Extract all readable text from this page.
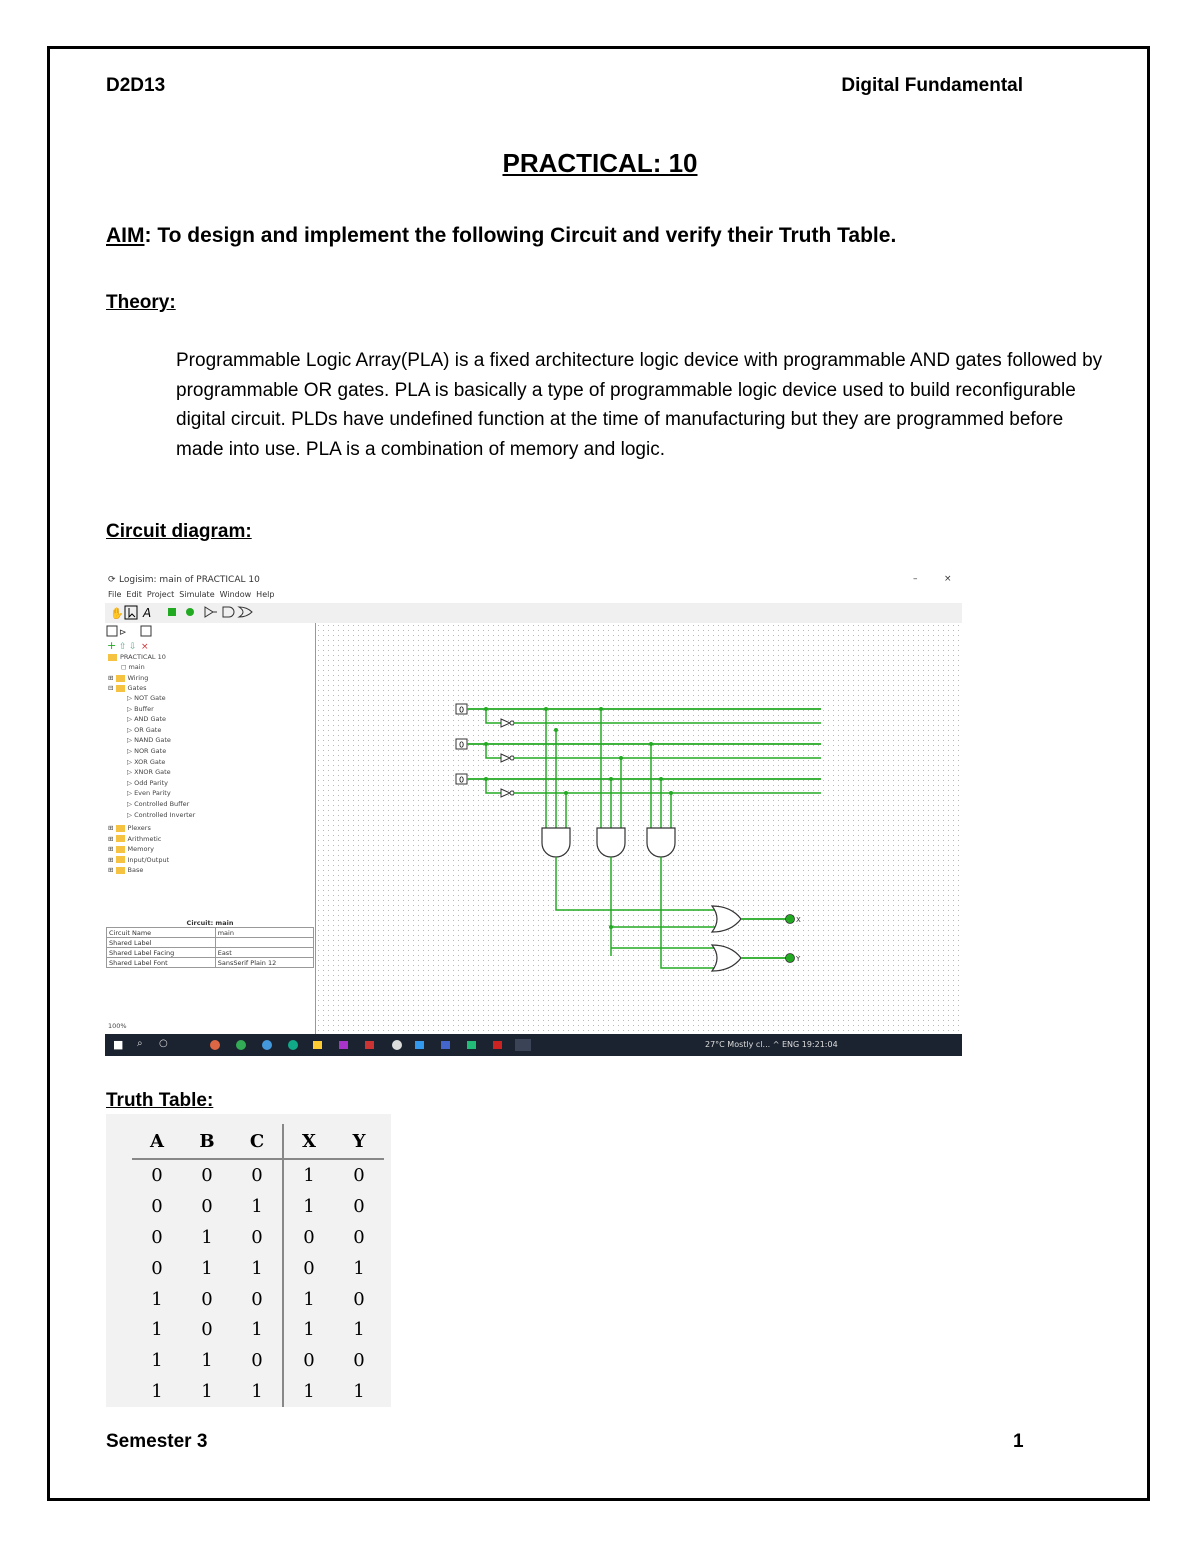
D2D13	Digital Fundamental
PRACTICAL: 10
AIM: To design and implement the following Circuit and verify their Truth Table.
Theory:
Programmable Logic Array(PLA) is a fixed architecture logic device with programmable AND gates followed by programmable OR gates. PLA is basically a type of programmable logic device used to build reconfigurable digital circuit. PLDs have undefined function at the time of manufacturing but they are programmed before made into use. PLA is a combination of memory and logic.
Circuit diagram:
⟳ Logisim: main of PRACTICAL 10	–	×
File Edit Project Simulate Window Help
✋ A
⊳
+ ⇧ ⇩ ×
PRACTICAL 10
◻ main
⊞ Wiring
⊟ Gates
▷ NOT Gate
▷ Buffer
▷ AND Gate
▷ OR Gate
▷ NAND Gate
▷ NOR Gate
▷ XOR Gate
▷ XNOR Gate
▷ Odd Parity
▷ Even Parity
▷ Controlled Buffer
▷ Controlled Inverter
⊞ Plexers
⊞ Arithmetic
⊞ Memory
⊞ Input/Output
⊞ Base
Circuit: main	
Circuit Name	main
Shared Label	
Shared Label Facing	East
Shared Label Font	SansSerif Plain 12
100%
0
0
0
X
Y
■ ⌕ ○	27°C Mostly cl... ^ ENG 19:21:04
Truth Table:
A	B	C	X	Y
0	0	0	1	0
0	0	1	1	0
0	1	0	0	0
0	1	1	0	1
1	0	0	1	0
1	0	1	1	1
1	1	0	0	0
1	1	1	1	1
Semester 3	1
